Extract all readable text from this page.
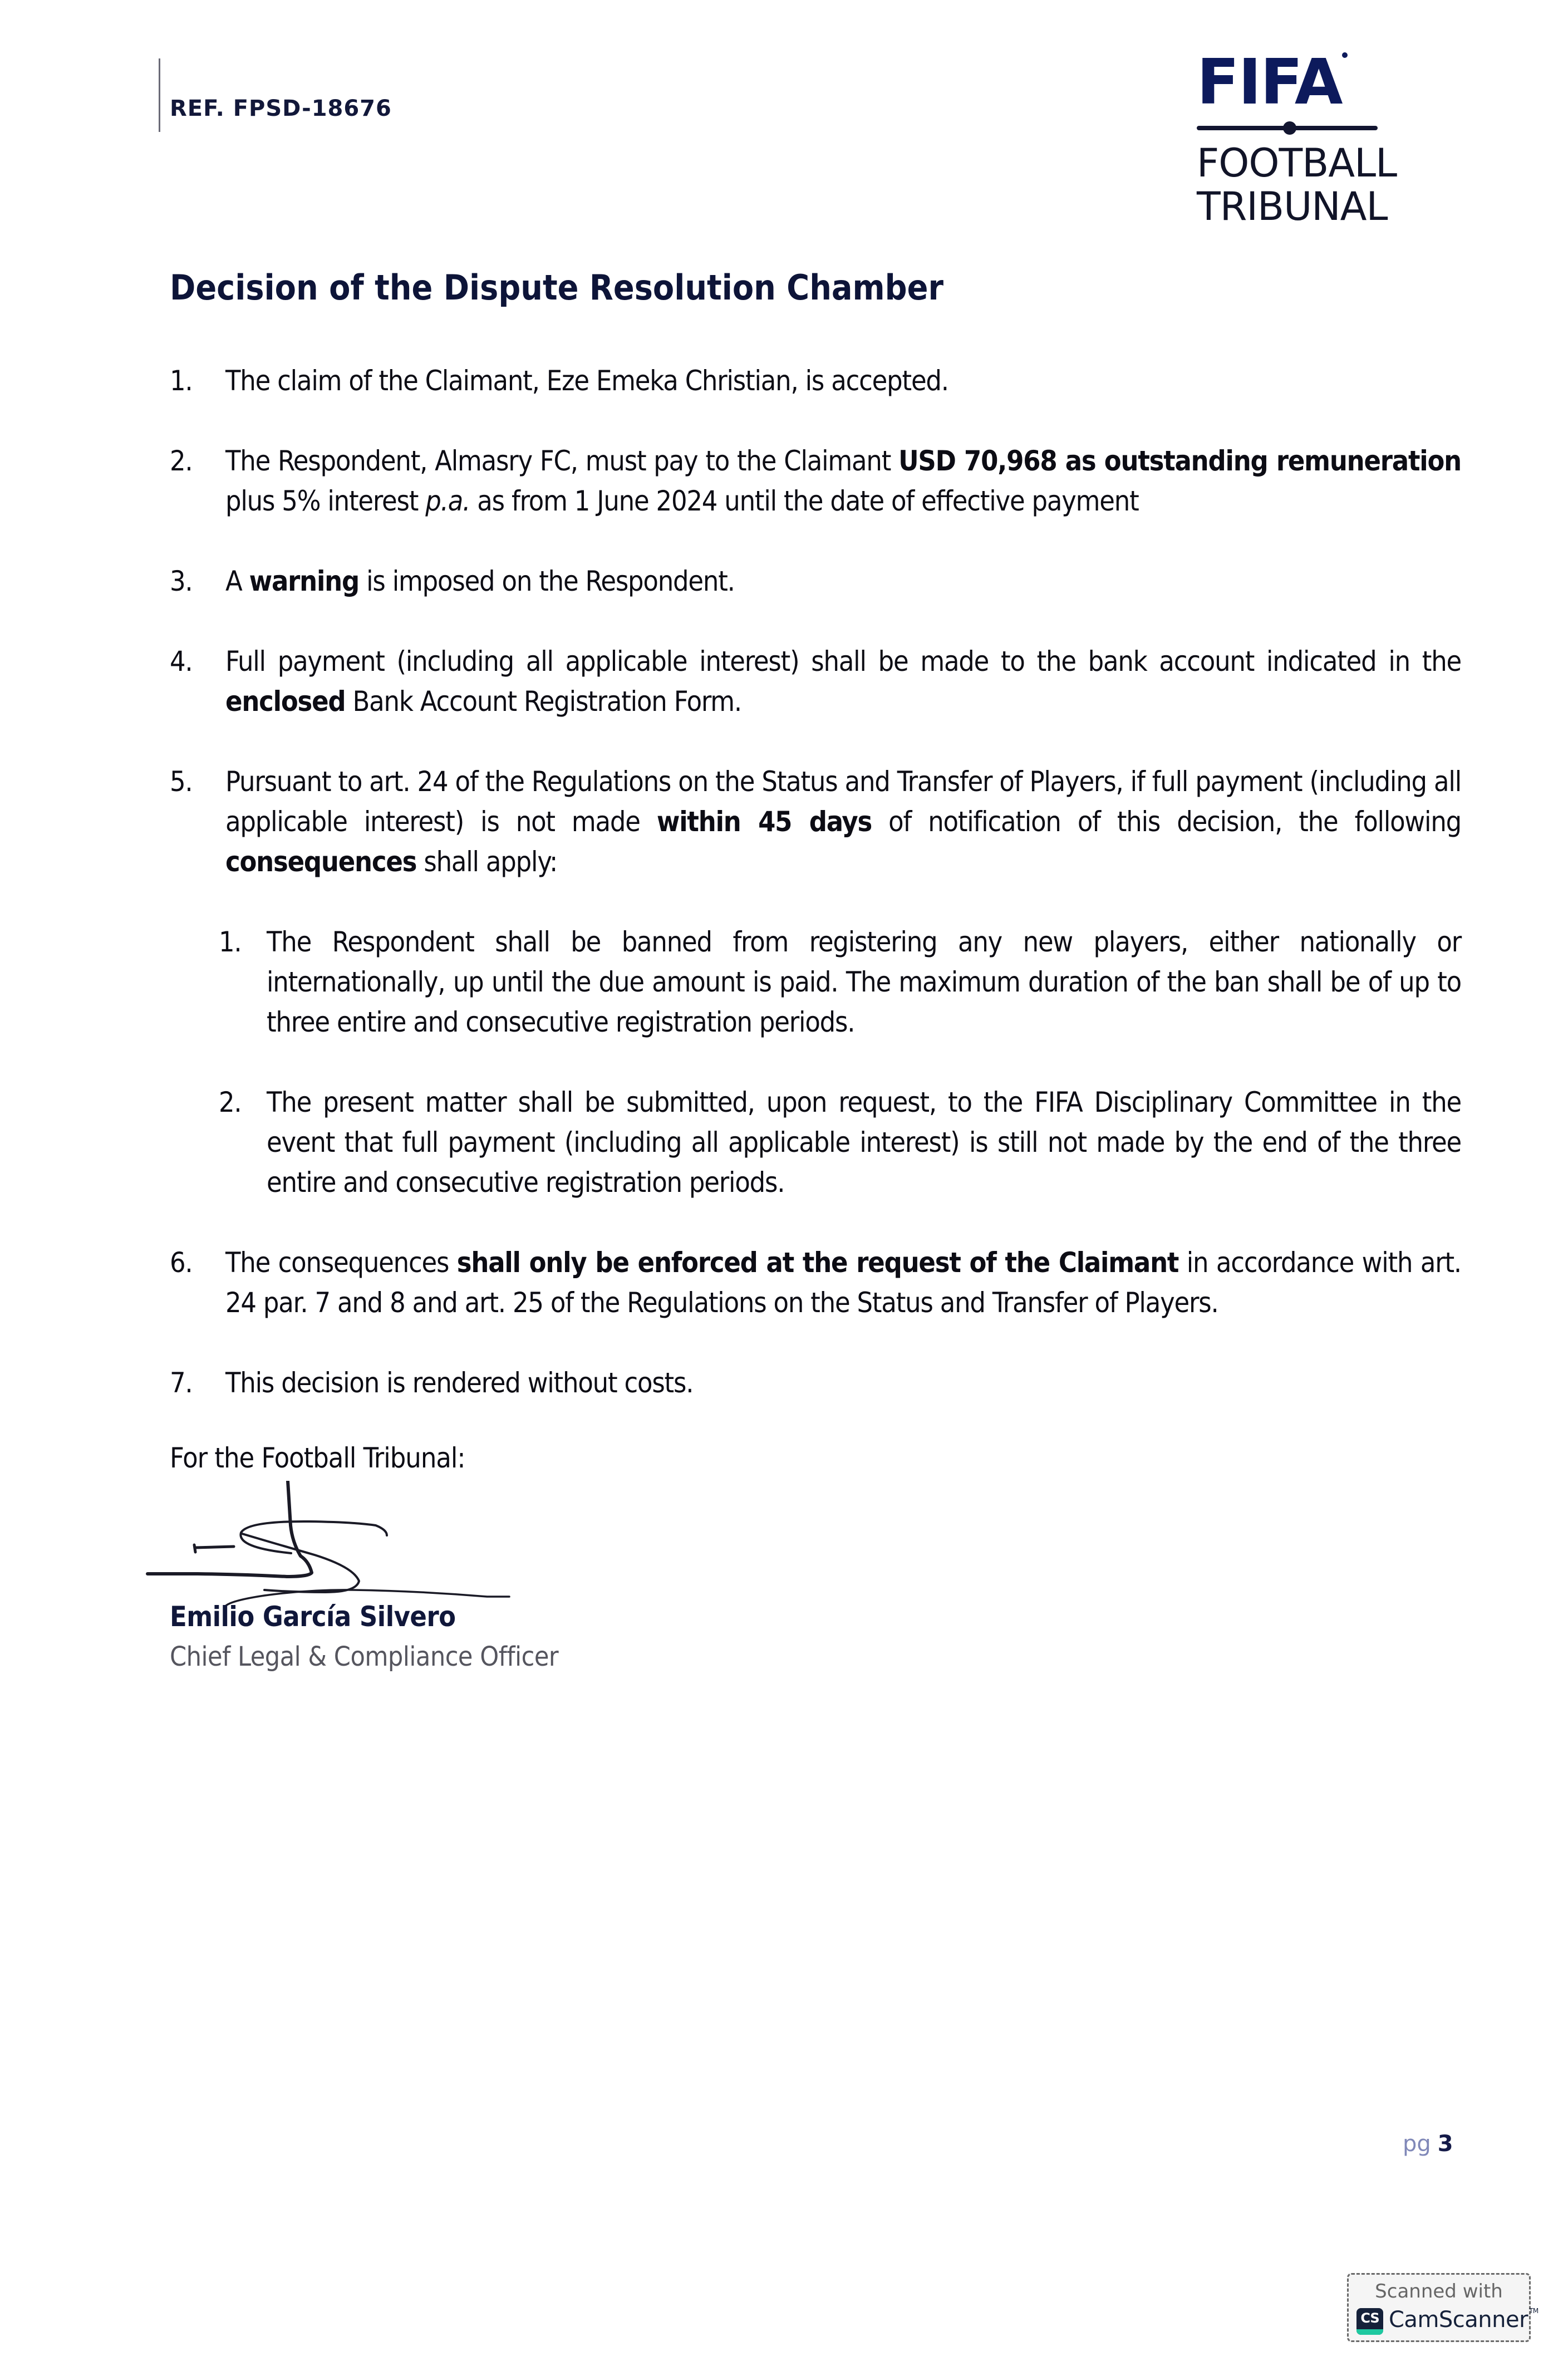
REF. FPSD-18676	FIFA
FOOTBALL
TRIBUNAL
Decision of the Dispute Resolution Chamber
1.	The claim of the Claimant, Eze Emeka Christian, is accepted.
2.	The Respondent, Almasry FC, must pay to the Claimant USD 70,968 as outstanding remuneration plus 5% interest p.a. as from 1 June 2024 until the date of effective payment
3.	A warning is imposed on the Respondent.
4.	Full payment (including all applicable interest) shall be made to the bank account indicated in the enclosed Bank Account Registration Form.
5.	Pursuant to art. 24 of the Regulations on the Status and Transfer of Players, if full payment (including all applicable interest) is not made within 45 days of notification of this decision, the following consequences shall apply:
1. The Respondent shall be banned from registering any new players, either nationally or internationally, up until the due amount is paid. The maximum duration of the ban shall be of up to three entire and consecutive registration periods.
2. The present matter shall be submitted, upon request, to the FIFA Disciplinary Committee in the event that full payment (including all applicable interest) is still not made by the end of the three entire and consecutive registration periods.
6.	The consequences shall only be enforced at the request of the Claimant in accordance with art. 24 par. 7 and 8 and art. 25 of the Regulations on the Status and Transfer of Players.
7.	This decision is rendered without costs.
For the Football Tribunal:
Emilio García Silvero
Chief Legal & Compliance Officer
pg 3
Scanned with
CS CamScanner ™
